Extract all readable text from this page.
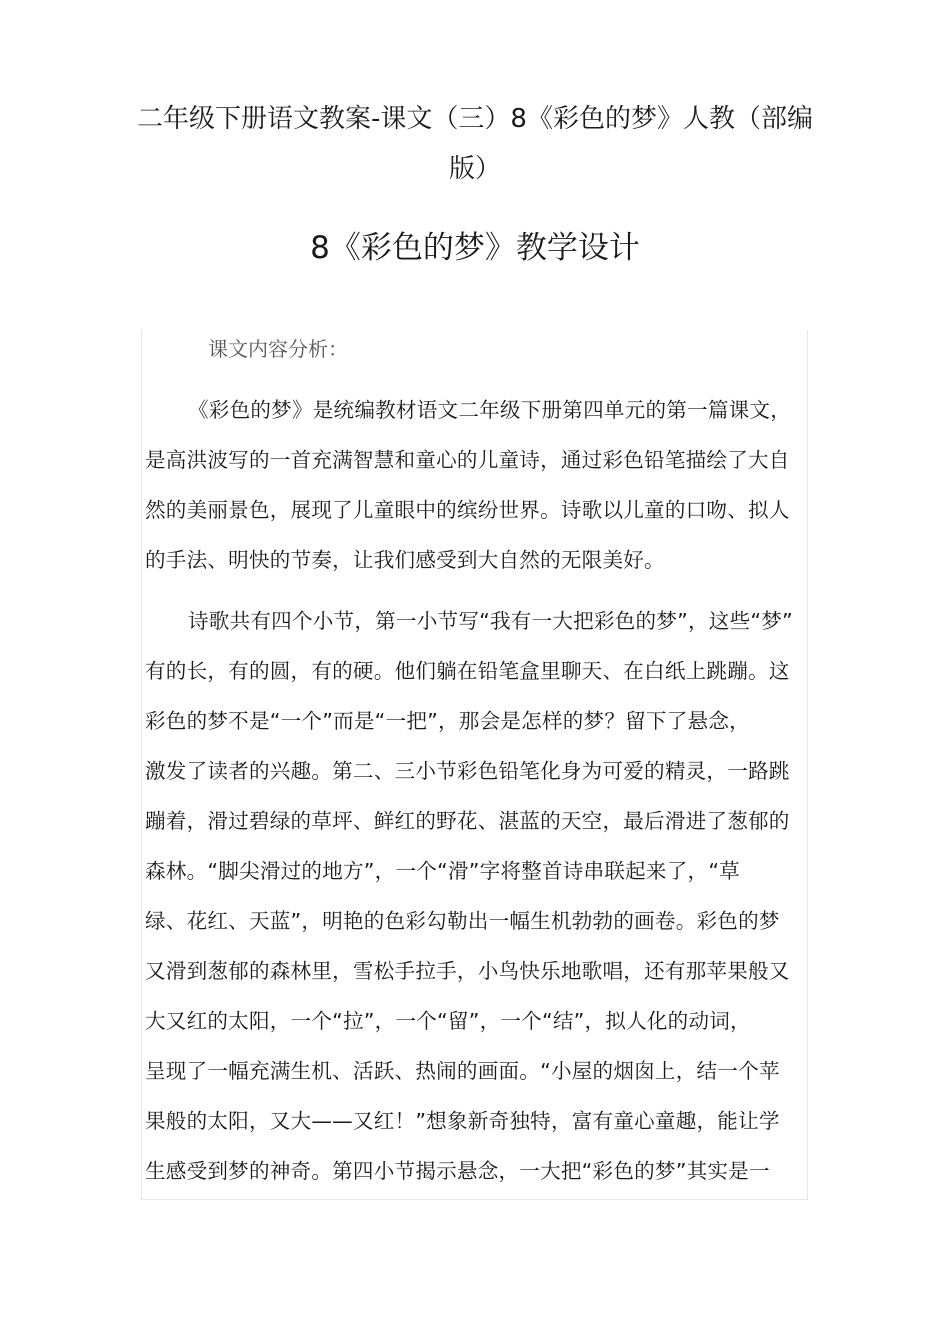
二年级下册语文教案-课文（三）8《彩色的梦》人教（部编
版）
8《彩色的梦》教学设计
课文内容分析：
《彩色的梦》是统编教材语文二年级下册第四单元的第一篇课文，
是高洪波写的一首充满智慧和童心的儿童诗，通过彩色铅笔描绘了大自
然的美丽景色，展现了儿童眼中的缤纷世界。诗歌以儿童的口吻、拟人
的手法、明快的节奏，让我们感受到大自然的无限美好。
诗歌共有四个小节，第一小节写“我有一大把彩色的梦”，这些“梦”
有的长，有的圆，有的硬。他们躺在铅笔盒里聊天、在白纸上跳蹦。这
彩色的梦不是“一个”而是“一把”，那会是怎样的梦？留下了悬念，
激发了读者的兴趣。第二、三小节彩色铅笔化身为可爱的精灵，一路跳
蹦着，滑过碧绿的草坪、鲜红的野花、湛蓝的天空，最后滑进了葱郁的
森林。“脚尖滑过的地方”，一个“滑”字将整首诗串联起来了，“草
绿、花红、天蓝”，明艳的色彩勾勒出一幅生机勃勃的画卷。彩色的梦
又滑到葱郁的森林里，雪松手拉手，小鸟快乐地歌唱，还有那苹果般又
大又红的太阳，一个“拉”，一个“留”，一个“结”，拟人化的动词，
呈现了一幅充满生机、活跃、热闹的画面。“小屋的烟囱上，结一个苹
果般的太阳，又大——又红！”想象新奇独特，富有童心童趣，能让学
生感受到梦的神奇。第四小节揭示悬念，一大把“彩色的梦”其实是一
